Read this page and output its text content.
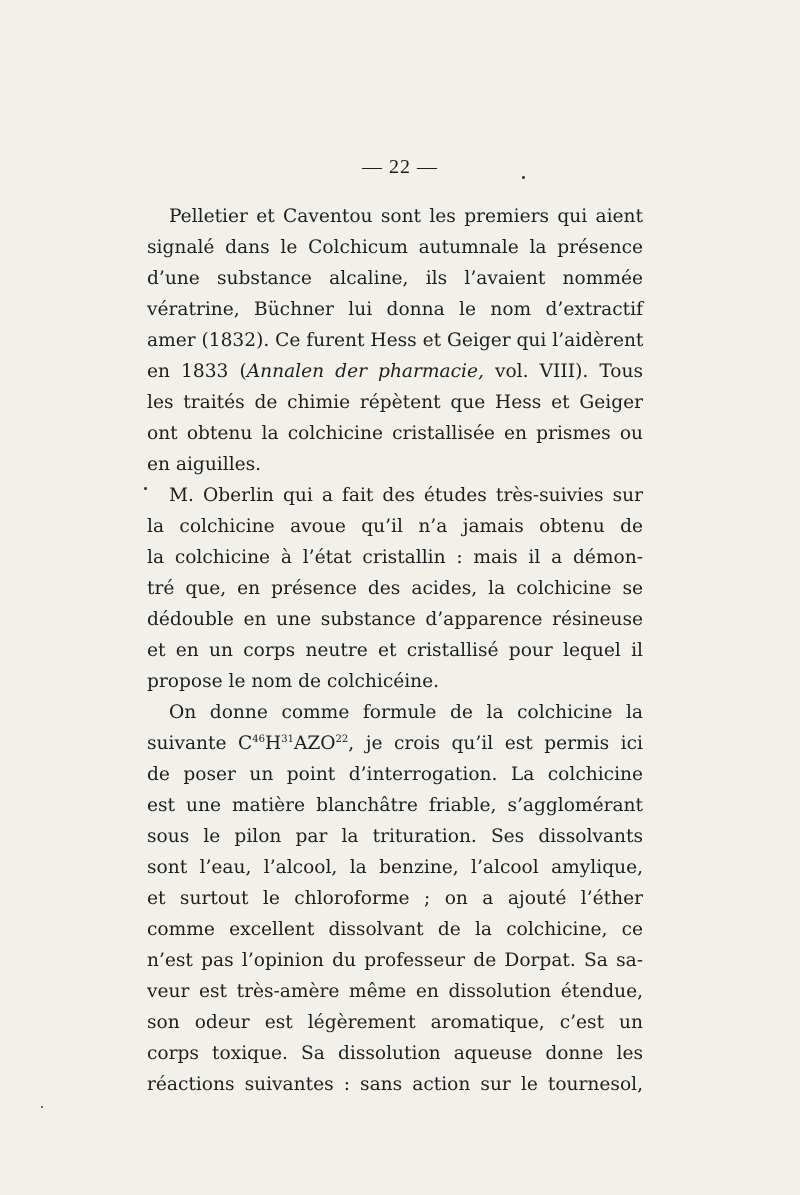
— 22 —
Pelletier et Caventou sont les premiers qui aient
signalé dans le Colchicum autumnale la présence
d’une substance alcaline, ils l’avaient nommée
vératrine, Büchner lui donna le nom d’extractif
amer (1832). Ce furent Hess et Geiger qui l’aidèrent
en 1833 (Annalen der pharmacie, vol. VIII). Tous
les traités de chimie répètent que Hess et Geiger
ont obtenu la colchicine cristallisée en prismes ou
en aiguilles.
M. Oberlin qui a fait des études très-suivies sur
la colchicine avoue qu’il n’a jamais obtenu de
la colchicine à l’état cristallin : mais il a démon-
tré que, en présence des acides, la colchicine se
dédouble en une substance d’apparence résineuse
et en un corps neutre et cristallisé pour lequel il
propose le nom de colchicéine.
On donne comme formule de la colchicine la
suivante $C^{46}H^{31}AZO^{22}$, je crois qu’il est permis ici
de poser un point d’interrogation. La colchicine
est une matière blanchâtre friable, s’agglomérant
sous le pilon par la trituration. Ses dissolvants
sont l’eau, l’alcool, la benzine, l’alcool amylique,
et surtout le chloroforme ; on a ajouté l’éther
comme excellent dissolvant de la colchicine, ce
n’est pas l’opinion du professeur de Dorpat. Sa sa-
veur est très-amère même en dissolution étendue,
son odeur est légèrement aromatique, c’est un
corps toxique. Sa dissolution aqueuse donne les
réactions suivantes : sans action sur le tournesol,
